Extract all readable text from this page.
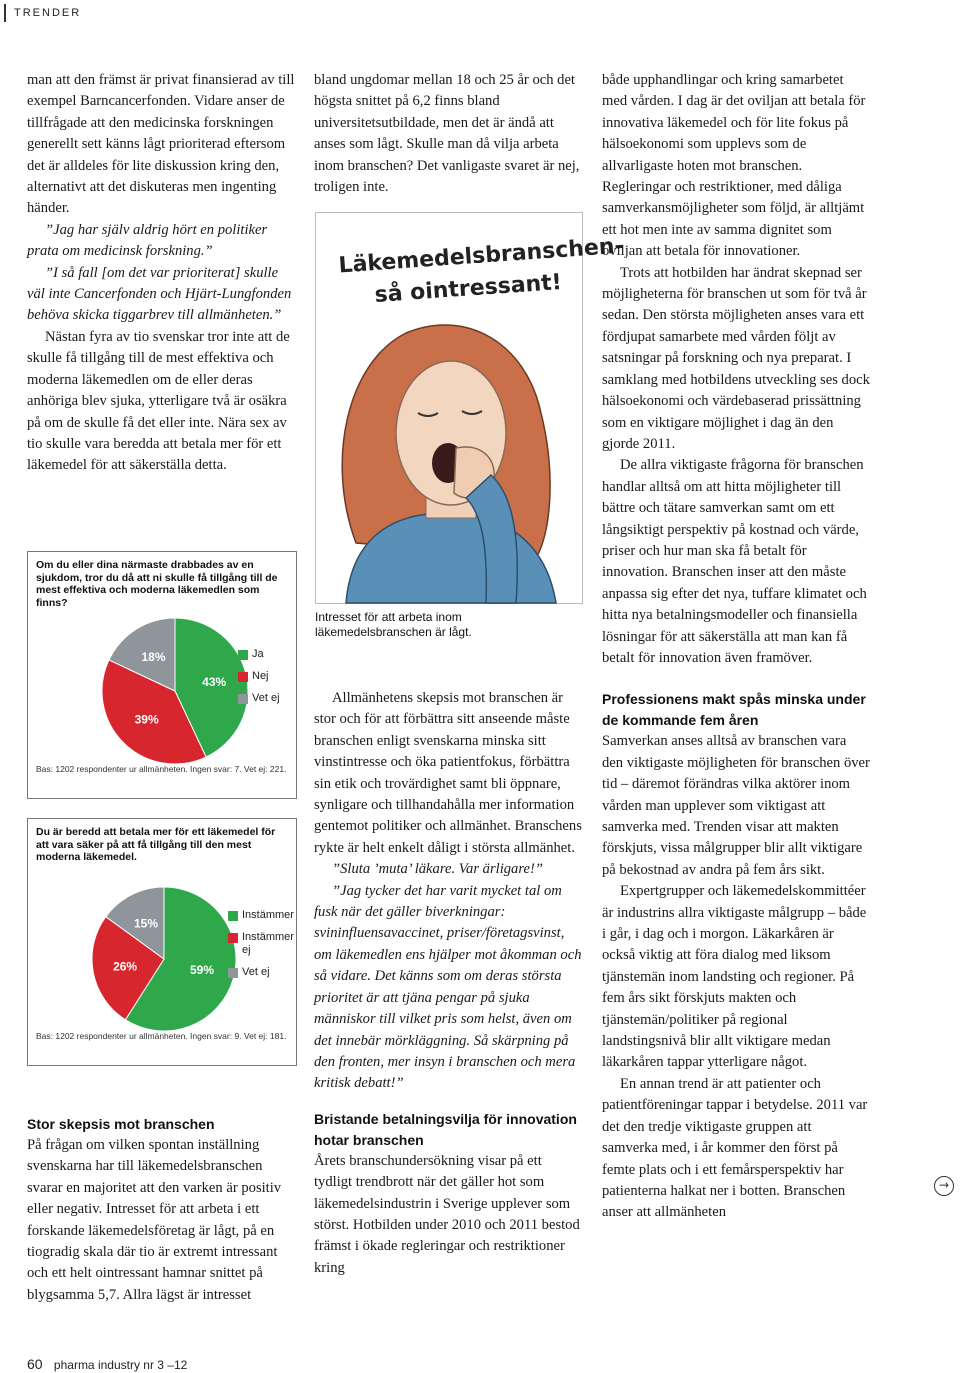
TRENDER

man att den främst är privat finansierad av till exempel Barncancerfonden. Vidare anser de tillfrågade att den medicinska forskningen generellt sett känns lågt prioriterad eftersom det är alldeles för lite diskussion kring den, alternativt att det diskuteras men ingenting händer.

”Jag har själv aldrig hört en politiker prata om medicinsk forskning.”

”I så fall [om det var prioriterat] skulle väl inte Cancerfonden och Hjärt-Lungfonden behöva skicka tiggarbrev till allmänheten.”

Nästan fyra av tio svenskar tror inte att de skulle få tillgång till de mest effektiva och moderna läkemedlen om de eller deras anhöriga blev sjuka, ytterligare två är osäkra på om de skulle få det eller inte. Nära sex av tio skulle vara beredda att betala mer för ett läkemedel för att säkerställa detta.

Om du eller dina närmaste drabbades av en sjukdom, tror du då att ni skulle få tillgång till de mest effektiva och moderna läkemedlen som finns?
43%
39%
18%	Ja
Nej
Vet ej
Bas: 1202 respondenter ur allmänheten. Ingen svar: 7. Vet ej: 221.
Du är beredd att betala mer för ett läkemedel för att vara säker på att få tillgång till den mest moderna läkemedel.
59%
26%
15%
Instämmer
Instämmer ej
Vet ej
Bas: 1202 respondenter ur allmänheten. Ingen svar: 9. Vet ej: 181.

Stor skepsis mot branschen

På frågan om vilken spontan inställning svenskarna har till läkemedelsbranschen svarar en majoritet att den varken är positiv eller negativ. Intresset för att arbeta i ett forskande läkemedelsföretag är lågt, på en tiogradig skala där tio är extremt intressant och ett helt ointressant hamnar snittet på blygsamma 5,7. Allra lägst är intresset

bland ungdomar mellan 18 och 25 år och det högsta snittet på 6,2 finns bland universitetsutbildade, men det är ändå att anses som lågt. Skulle man då vilja arbeta inom branschen? Det vanligaste svaret är nej, troligen inte.

Läkemedelsbranschen-
så ointressant!
Intresset för att arbeta inom läkemedelsbranschen är lågt.

Allmänhetens skepsis mot branschen är stor och för att förbättra sitt anseende måste branschen enligt svenskarna minska sitt vinstintresse och öka patientfokus, förbättra sin etik och trovärdighet samt bli öppnare, synligare och tillhandahålla mer information gentemot politiker och allmänhet. Branschens rykte är helt enkelt dåligt i största allmänhet.

”Sluta ’muta’ läkare. Var ärligare!”

”Jag tycker det har varit mycket tal om fusk när det gäller biverkningar: svininfluensavaccinet, priser/företagsvinst, om läkemedlen ens hjälper mot åkomman och så vidare. Det känns som om deras största prioritet är att tjäna pengar på sjuka människor till vilket pris som helst, även om det innebär mörkläggning. Så skärpning på den fronten, mer insyn i branschen och mera kritisk debatt!”

Bristande betalningsvilja för innovation hotar branschen

Årets branschundersökning visar på ett tydligt trendbrott när det gäller hot som läkemedelsindustrin i Sverige upplever som störst. Hotbilden under 2010 och 2011 bestod främst i ökade regleringar och restriktioner kring

både upphandlingar och kring samarbetet med vården. I dag är det oviljan att betala för innovativa läkemedel och för lite fokus på hälsoekonomi som upplevs som de allvarligaste hoten mot branschen. Regleringar och restriktioner, med dåliga samverkansmöjligheter som följd, är alltjämt ett hot men inte av samma dignitet som oviljan att betala för innovationer.

Trots att hotbilden har ändrat skepnad ser möjligheterna för branschen ut som för två år sedan. Den största möjligheten anses vara ett fördjupat samarbete med vården följt av satsningar på forskning och nya preparat. I samklang med hotbildens utveckling ses dock hälsoekonomi och värdebaserad prissättning som en viktigare möjlighet i dag än den gjorde 2011.

De allra viktigaste frågorna för branschen handlar alltså om att hitta möjligheter till bättre och tätare samverkan samt om ett långsiktigt perspektiv på kostnad och värde, priser och hur man ska få betalt för innovation. Branschen inser att den måste anpassa sig efter det nya, tuffare klimatet och hitta nya betalningsmodeller och finansiella lösningar för att säkerställa att man kan få betalt för innovation även framöver.

Professionens makt spås minska under de kommande fem åren

Samverkan anses alltså av branschen vara den viktigaste möjligheten för branschen över tid – däremot förändras vilka aktörer inom vården man upplever som viktigast att samverka med. Trenden visar att makten förskjuts, vissa målgrupper blir allt viktigare på bekostnad av andra på fem års sikt.

Expertgrupper och läkemedelskommittéer är industrins allra viktigaste målgrupp – både i går, i dag och i morgon. Läkarkåren är också viktig att föra dialog med liksom tjänstemän inom landsting och regioner. På fem års sikt förskjuts makten och tjänstemän/politiker på regional landstingsnivå blir allt viktigare medan läkarkåren tappar ytterligare något.

En annan trend är att patienter och patientföreningar tappar i betydelse. 2011 var det den tredje viktigaste gruppen att samverka med, i år kommer den först på femte plats och i ett femårsperspektiv har patienterna halkat ner i botten. Branschen anser att allmänheten

→
60 pharma industry nr 3 –12
